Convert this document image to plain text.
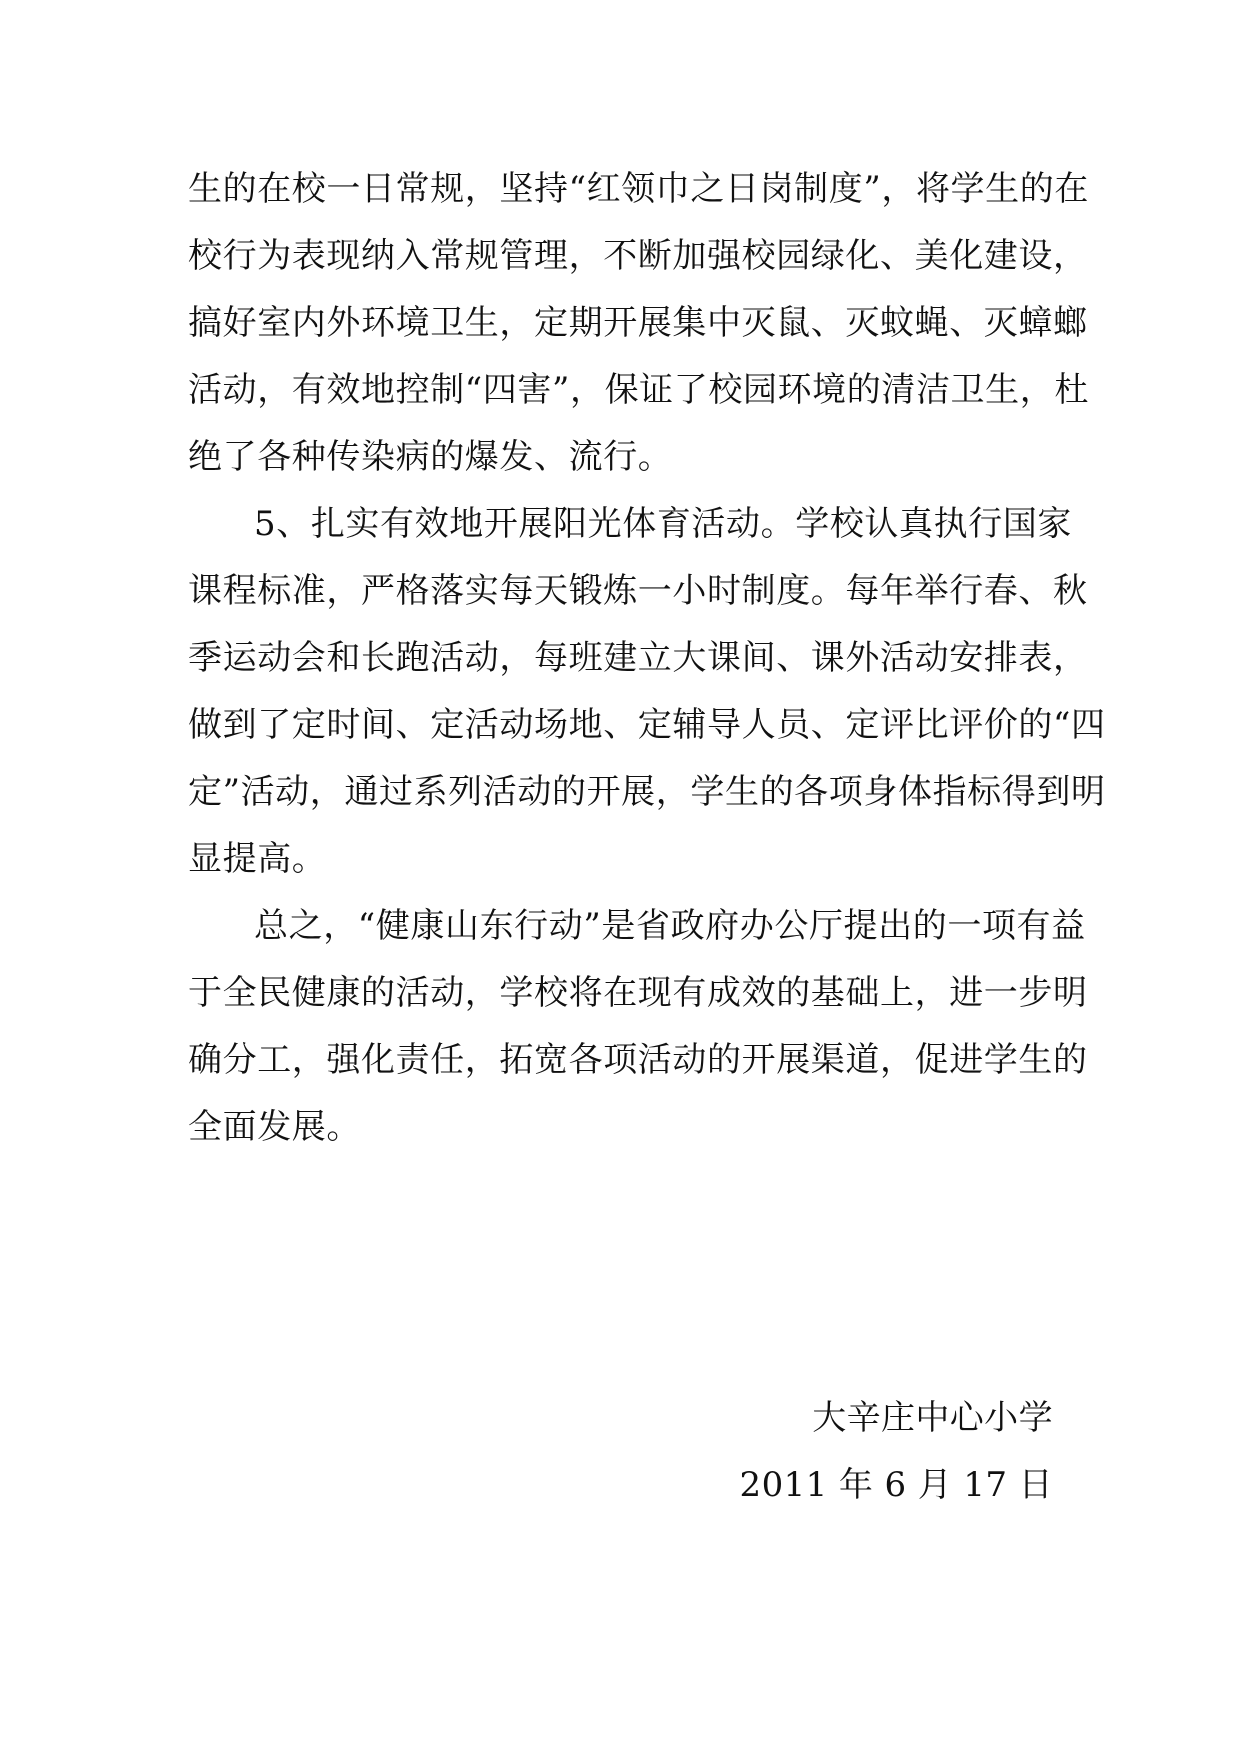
生的在校一日常规，坚持“红领巾之日岗制度”，将学生的在
校行为表现纳入常规管理，不断加强校园绿化、美化建设，
搞好室内外环境卫生，定期开展集中灭鼠、灭蚊蝇、灭蟑螂
活动，有效地控制“四害”，保证了校园环境的清洁卫生，杜
绝了各种传染病的爆发、流行。
5、扎实有效地开展阳光体育活动。学校认真执行国家
课程标准，严格落实每天锻炼一小时制度。每年举行春、秋
季运动会和长跑活动，每班建立大课间、课外活动安排表，
做到了定时间、定活动场地、定辅导人员、定评比评价的“四
定”活动，通过系列活动的开展，学生的各项身体指标得到明
显提高。
总之，“健康山东行动”是省政府办公厅提出的一项有益
于全民健康的活动，学校将在现有成效的基础上，进一步明
确分工，强化责任，拓宽各项活动的开展渠道，促进学生的
全面发展。
大辛庄中心小学
2011 年 6 月 17 日
